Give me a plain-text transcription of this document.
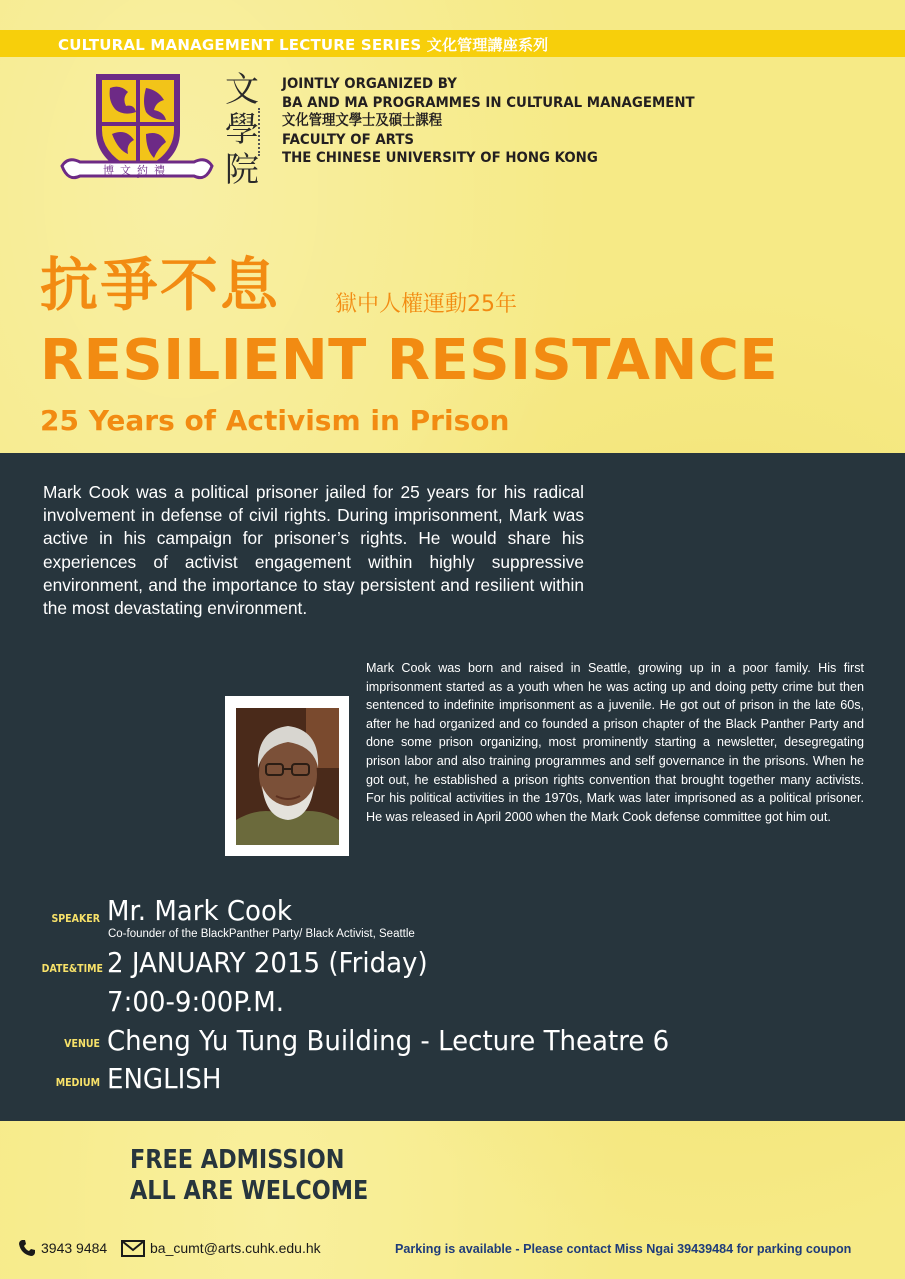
CULTURAL MANAGEMENT LECTURE SERIES 文化管理講座系列
博文約禮
文
學
院
JOINTLY ORGANIZED BY
BA AND MA PROGRAMMES IN CULTURAL MANAGEMENT
文化管理文學士及碩士課程
FACULTY OF ARTS
THE CHINESE UNIVERSITY OF HONG KONG
抗爭不息 獄中人權運動25年
RESILIENT RESISTANCE
25 Years of Activism in Prison

Mark Cook was a political prisoner jailed for 25 years for his radical involvement in defense of civil rights. During imprisonment, Mark was active in his campaign for prisoner’s rights. He would share his experiences of activist engagement within highly suppressive environment, and the importance to stay persistent and resilient within the most devastating environment.

Mark Cook was born and raised in Seattle, growing up in a poor family. His first imprisonment started as a youth when he was acting up and doing petty crime but then sentenced to indefinite imprisonment as a juvenile. He got out of prison in the late 60s, after he had organized and co founded a prison chapter of the Black Panther Party and done some prison organizing, most prominently starting a newsletter, desegregating prison labor and also training programmes and self governance in the prisons. When he got out, he established a prison rights convention that brought together many activists. For his political activities in the 1970s, Mark was later imprisoned as a political prisoner. He was released in April 2000 when the Mark Cook defense committee got him out.

SPEAKER Mr. Mark Cook
Co-founder of the BlackPanther Party/ Black Activist, Seattle
DATE&TIME 2 JANUARY 2015 (Friday)
7:00-9:00P.M.
VENUE Cheng Yu Tung Building - Lecture Theatre 6
MEDIUM ENGLISH
FREE ADMISSION
ALL ARE WELCOME
3943 9484	ba_cumt@arts.cuhk.edu.hk	Parking is available - Please contact Miss Ngai 39439484 for parking coupon
